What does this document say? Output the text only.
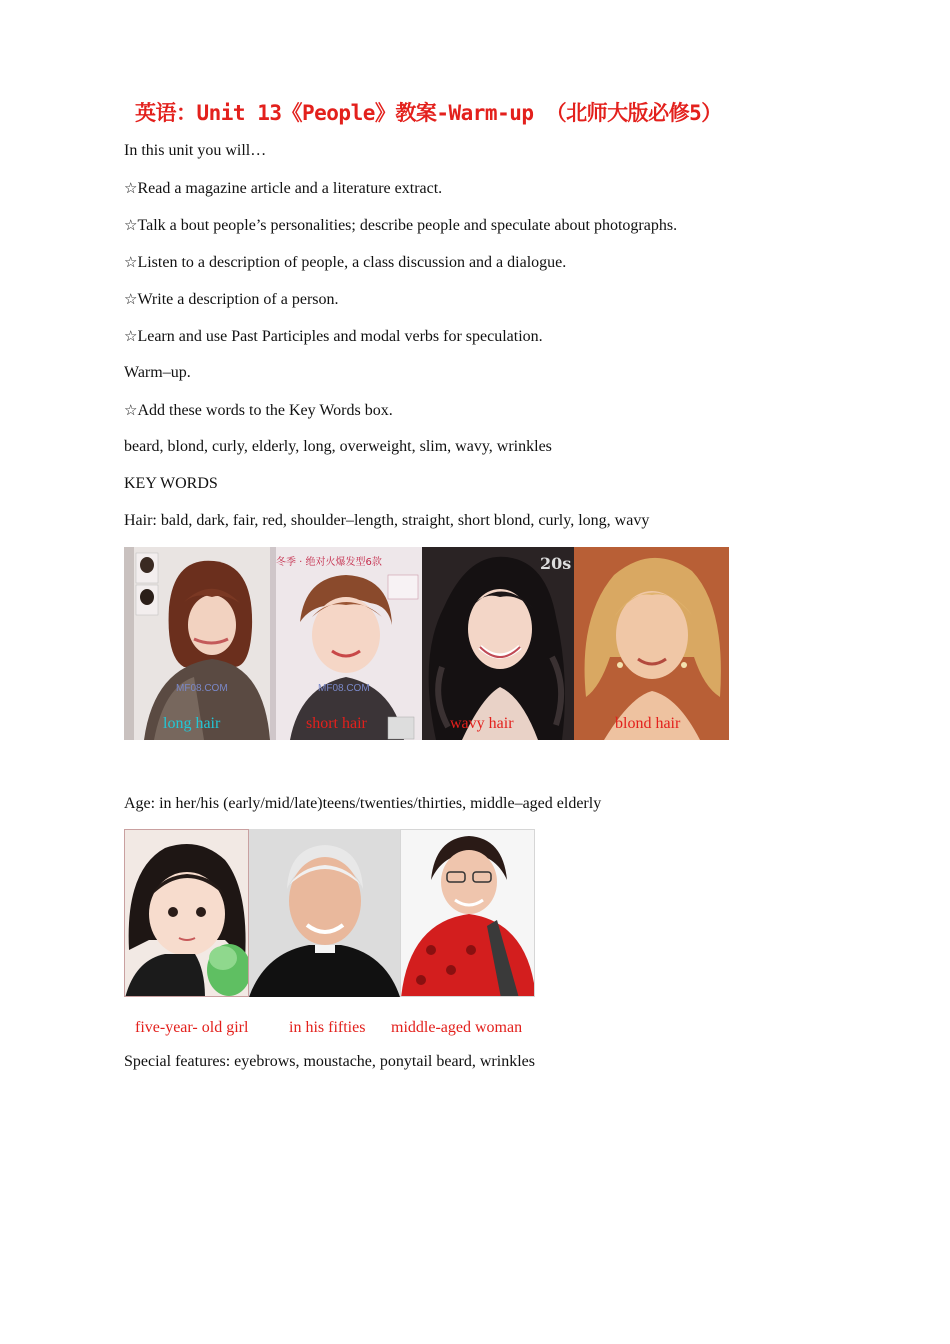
英语：Unit 13《People》教案-Warm-up （北师大版必修5）
In this unit you will…
☆Read a magazine article and a literature extract.
☆Talk a bout people’s personalities; describe people and speculate about photographs.
☆Listen to a description of people, a class discussion and a dialogue.
☆Write a description of a person.
☆Learn and use Past Participles and modal verbs for speculation.
Warm–up.
☆Add these words to the Key Words box.
beard, blond, curly, elderly, long, overweight, slim, wavy, wrinkles
KEY WORDS
Hair: bald, dark, fair, red, shoulder–length, straight, short blond, curly, long, wavy
MF08.COM
冬季 · 绝对火爆发型6款
MF08.COM
20s
long hair	short hair	wavy hair	blond hair
Age: in her/his (early/mid/late)teens/twenties/thirties, middle–aged elderly
five-year- old girl	in his fifties middle-aged woman
Special features: eyebrows, moustache, ponytail beard, wrinkles
